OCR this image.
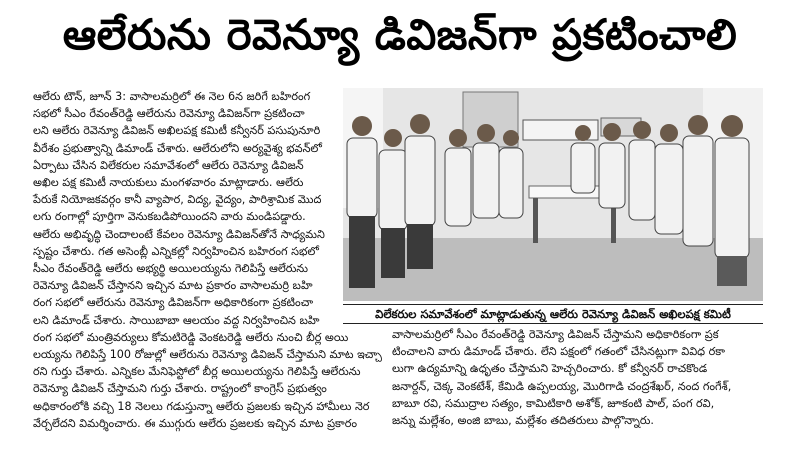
ఆలేరును రెవెన్యూ డివిజన్‌గా ప్రకటించాలి

ఆలేరు టౌన్, జూన్ 3: వాసాలమర్రిలో ఈ నెల 6న జరిగే బహిరంగ

సభలో సీఎం రేవంత్‌రెడ్డి ఆలేరును రెవెన్యూ డివిజన్‌గా ప్రకటించా

లని ఆలేరు రెవెన్యూ డివిజన్ అఖిలపక్ష కమిటీ కన్వీనర్ పసుపునూరి

వీరేశం ప్రభుత్వాన్ని డిమాండ్ చేశారు. ఆలేరులోని అర్యవైశ్య భవన్‌లో

ఏర్పాటు చేసిన విలేకరుల సమావేశంలో ఆలేరు రెవెన్యూ డివిజన్

అఖిల పక్ష కమిటీ నాయకులు మంగళవారం మాట్లాడారు. ఆలేరు

పేరుకే నియోజకవర్గం కానీ వ్యాపార, విద్య, వైద్యం, పారిశ్రామిక మొద

లగు రంగాల్లో పూర్తిగా వెనుకబడిపోయిందని వారు మండిపడ్డారు.

ఆలేరు అభివృద్ధి చెందాలంటే కేవలం రెవెన్యూ డివిజన్‌తోనే సాధ్యమని

స్పష్టం చేశారు. గత అసెంబ్లీ ఎన్నికల్లో నిర్వహించిన బహిరంగ సభలో

సీఎం రేవంత్‌రెడ్డి ఆలేరు అభ్యర్థి అయిలయ్యను గెలిపిస్తే ఆలేరును

రెవెన్యూ డివిజన్ చేస్తానని ఇచ్చిన మాట ప్రకారం వాసాలమర్రి బహి

రంగ సభలో ఆలేరును రెవెన్యూ డివిజన్‌గా అధికారికంగా ప్రకటించా

లని డిమాండ్ చేశారు. సాయిబాబా ఆలయం వద్ద నిర్వహించిన బహి

రంగ సభలో మంత్రివర్యులు కోమటిరెడ్డి వెంకటరెడ్డి ఆలేరు నుంచి బీర్ల అయి

లయ్యను గెలిపిస్తే 100 రోజుల్లో ఆలేరును రెవెన్యూ డివిజన్ చేస్తామని మాట ఇచ్చా

రని గుర్తు చేశారు. ఎన్నికల మేనిఫెస్టోలో బీర్ల అయిలయ్యను గెలిపిస్తే ఆలేరును

రెవెన్యూ డివిజన్ చేస్తామని గుర్తు చేశారు. రాష్ట్రంలో కాంగ్రెస్ ప్రభుత్వం

అధికారంలోకి వచ్చి 18 నెలలు గడుస్తున్నా ఆలేరు ప్రజలకు ఇచ్చిన హామీలు నెర

వేర్చలేదని విమర్శించారు. ఈ ముగ్గురు ఆలేరు ప్రజలకు ఇచ్చిన మాట ప్రకారం

విలేకరుల సమావేశంలో మాట్లాడుతున్న ఆలేరు రెవెన్యూ డివిజన్ అఖిలపక్ష కమిటీ

వాసాలమర్రిలో సీఎం రేవంత్‌రెడ్డి రెవెన్యూ డివిజన్ చేస్తామని అధికారికంగా ప్రక

టించాలని వారు డిమాండ్ చేశారు. లేని పక్షంలో గతంలో చేసినట్లుగా వివిధ రకా

లుగా ఉద్యమాన్ని ఉధృతం చేస్తామని హెచ్చరించారు. కో కన్వీనర్ రాచకొండ

జనార్దన్, చెక్క వెంకటేశ్, కేమిడి ఉప్పలయ్య, మొరిగాడి చంద్రశేఖర్, నంద గంగేశ్,

బాబూ రవి, సముద్రాల సత్యం, కామిటికారి అశోక్, జూకంటి పాల్, పంగ రవి,

జన్ను మల్లేశం, అంజి బాబు, మల్లేశం తదితరులు పాల్గొన్నారు.
